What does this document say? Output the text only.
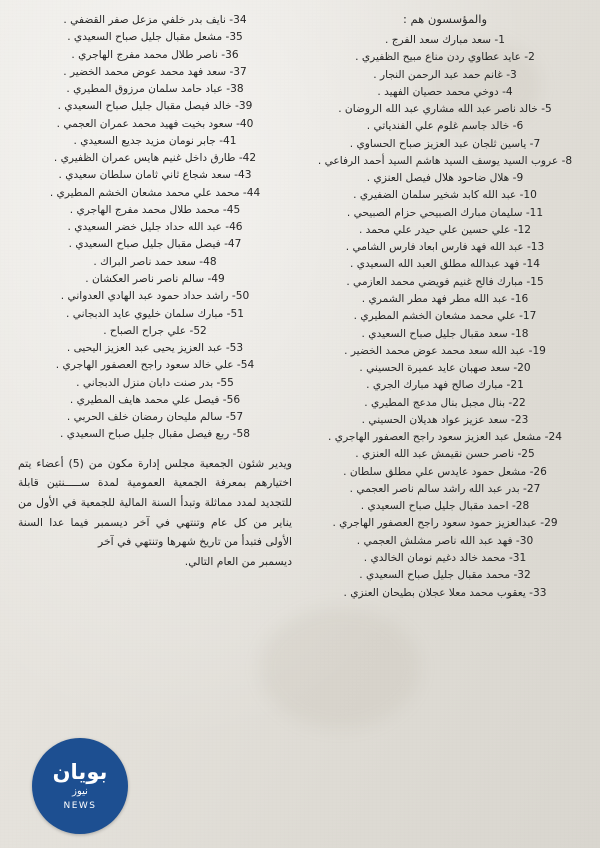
والمؤسسون هم :
1- سعد مبارك سعد الفرج .
2- عايد عطاوي ردن مناع مبيح الظفيري .
3- غانم حمد عبد الرحمن النجار .
4- دوخي محمد حصيان الفهيد .
5- خالد ناصر عبد الله مشاري عبد الله الروضان .
6- خالد جاسم غلوم علي الفندياتي .
7- ياسين ثلجان عبد العزيز صباح الحساوي .
8- عروب السيد يوسف السيد هاشم السيد أحمد الرفاعي .
9- هلال ضاحود هلال فيصل العنزي .
10- عبد الله كابد شخير سلمان الضفيري .
11- سليمان مبارك الصبيحي حزام الصبيحي .
12- علي حسين علي حيدر علي محمد .
13- عبد الله فهد فارس ابعاد فارس الشامي .
14- فهد عبدالله مطلق العبد الله السعيدي .
15- مبارك فالح غنيم فويضي محمد العازمي .
16- عبد الله مطر فهد مطر الشمري .
17- علي محمد مشعان الخشم المطيري .
18- سعد مقبال جليل صباح السعيدي .
19- عبد الله سعد محمد عوض محمد الخضير .
20- سعد صهبان عايد عميرة الحسيني .
21- مبارك صالح فهد مبارك الجري .
22- بنال مجبل بنال مدعج المطيري .
23- سعد عزيز عواد هديلان الحسيني .
24- مشعل عبد العزيز سعود راجح العصفور الهاجري .
25- ناصر حسن نقيمش عبد الله العنزي .
26- مشعل حمود عايدس علي مطلق سلطان .
27- بدر عبد الله راشد سالم ناصر العجمي .
28- احمد مقبال جليل صباح السعيدي .
29- عبدالعزيز حمود سعود راجح العصفور الهاجري .
30- فهد عبد الله ناصر مشلش العجمي .
31- محمد خالد دغيم نومان الخالدي .
32- محمد مقبال جليل صباح السعيدي .
33- يعقوب محمد معلا عجلان بطيحان العنزي .
34- نايف بدر خلفي مزعل صفر القضفي .
35- مشعل مقبال جليل صباح السعيدي .
36- ناصر طلال محمد مفرج الهاجري .
37- سعد فهد محمد عوض محمد الخضير .
38- عباد حامد سلمان مرزوق المطيري .
39- خالد فيصل مقبال جليل صباح السعيدي .
40- سعود بخيت فهيد محمد عمران العجمي .
41- جابر نومان مزيد جديع السعيدي .
42- طارق داخل غنيم هايس عمران الظفيري .
43- سعد شجاع ثاني ثامان سلطان سعيدي .
44- محمد علي محمد مشعان الخشم المطيري .
45- محمد طلال محمد مفرج الهاجري .
46- عبد الله حداد جليل خضر السعيدي .
47- فيصل مقبال جليل صباح السعيدي .
48- سعد حمد ناصر البراك .
49- سالم ناصر ناصر العكشان .
50- راشد حداد حمود عبد الهادي العدواني .
51- مبارك سلمان خليوي عايد الدبجاني .
52- علي جراح الصباح .
53- عبد العزيز يحيى عبد العزيز اليحيى .
54- علي خالد سعود راجح العصفور الهاجري .
55- بدر صنت دابان منزل الدبجاني .
56- فيصل علي محمد هايف المطيري .
57- سالم مليحان رمضان خلف الحربي .
58- ربع فيصل مقبال جليل صباح السعيدي .
ويدير شئون الجمعية مجلس إدارة مكون من (5) أعضاء يتم اختيارهم بمعرفة الجمعية العمومية لمدة ســـــنتين قابلة للتجديد لمدد مماثلة وتبدأ السنة المالية للجمعية في الأول من يناير من كل عام وتنتهي في آخر ديسمبر فيما عدا السنة الأولى فتبدأ من تاريخ شهرها وتنتهي في آخر
ديسمبر من العام التالي.
بويان
نيوز
NEWS
